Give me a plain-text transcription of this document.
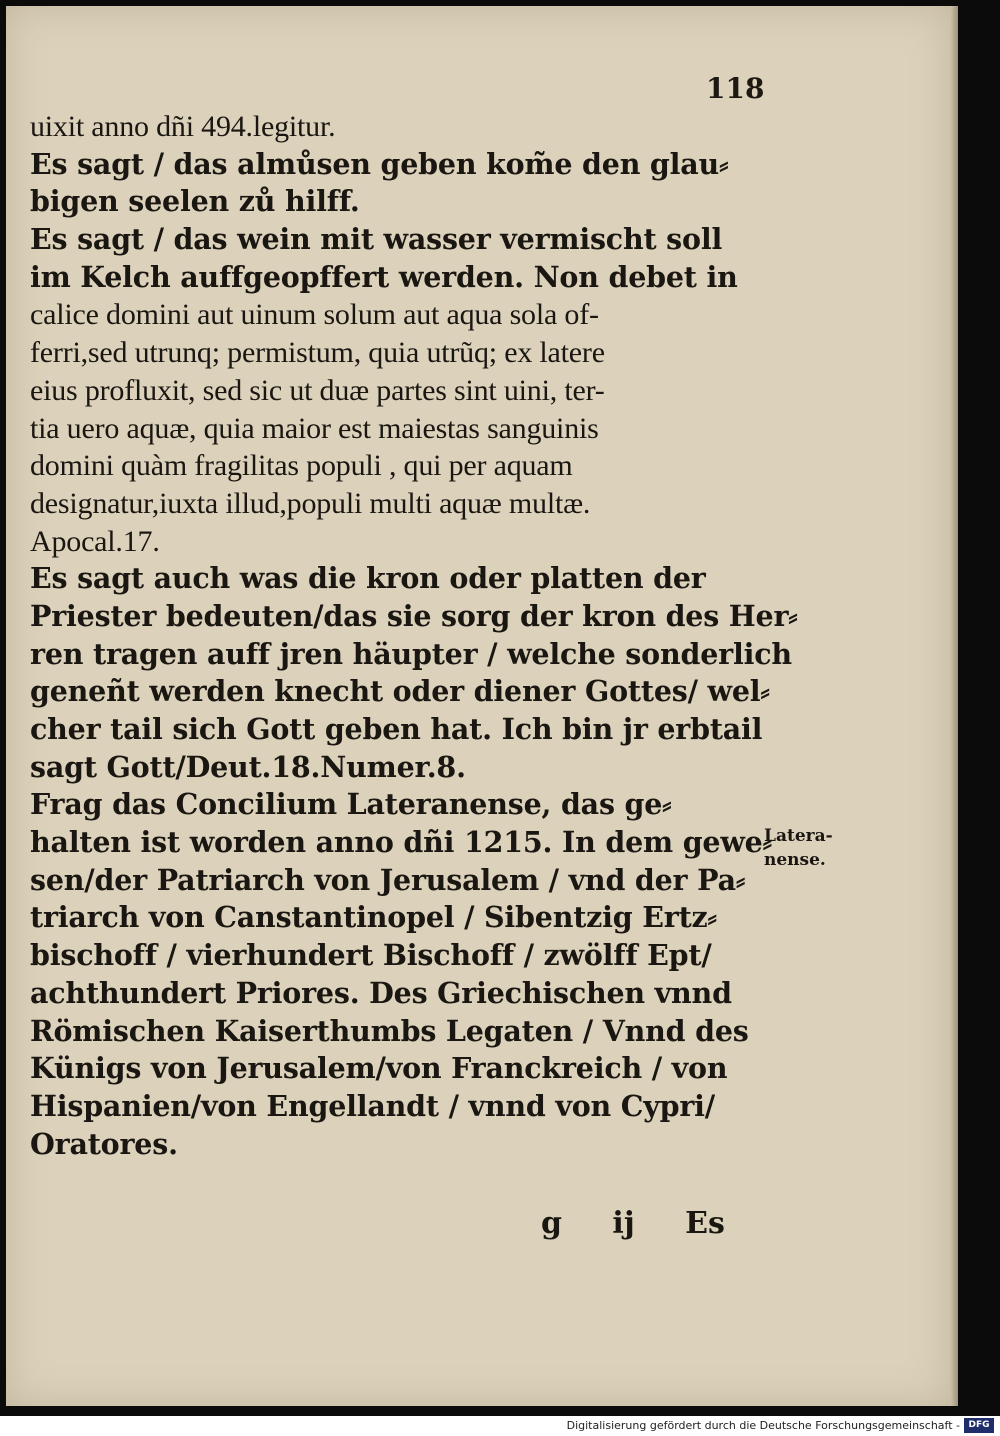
118
uixit anno dñi 494.legitur.
Es sagt / das almůsen geben kom̃e den glau⸗
bigen seelen zů hilff.
Es sagt / das wein mit wasser vermischt soll
im Kelch auffgeopffert werden. Non debet in
calice domini aut uinum solum aut aqua sola of-
ferri,sed utrunq; permistum, quia utrũq; ex latere
eius profluxit, sed sic ut duæ partes sint uini, ter-
tia uero aquæ, quia maior est maiestas sanguinis
domini quàm fragilitas populi , qui per aquam
designatur,iuxta illud,populi multi aquæ multæ.
Apocal.17.
Es sagt auch was die kron oder platten der
Priester bedeuten/das sie sorg der kron des Her⸗
ren tragen auff jren häupter / welche sonderlich
geneñt werden knecht oder diener Gottes/ wel⸗
cher tail sich Gott geben hat. Ich bin jr erbtail
sagt Gott/Deut.18.Numer.8.
Frag das Concilium Lateranense, das ge⸗
halten ist worden anno dñi 1215. In dem gewe⸗
sen/der Patriarch von Jerusalem / vnd der Pa⸗
triarch von Canstantinopel / Sibentzig Ertz⸗
bischoff / vierhundert Bischoff / zwölff Ept/
achthundert Priores. Des Griechischen vnnd
Römischen Kaiserthumbs Legaten / Vnnd des
Künigs von Jerusalem/von Franckreich / von
Hispanien/von Engellandt / vnnd von Cypri/
Oratores.
Latera-
nense.
g ij Es
Digitalisierung gefördert durch die Deutsche Forschungsgemeinschaft - DFG
